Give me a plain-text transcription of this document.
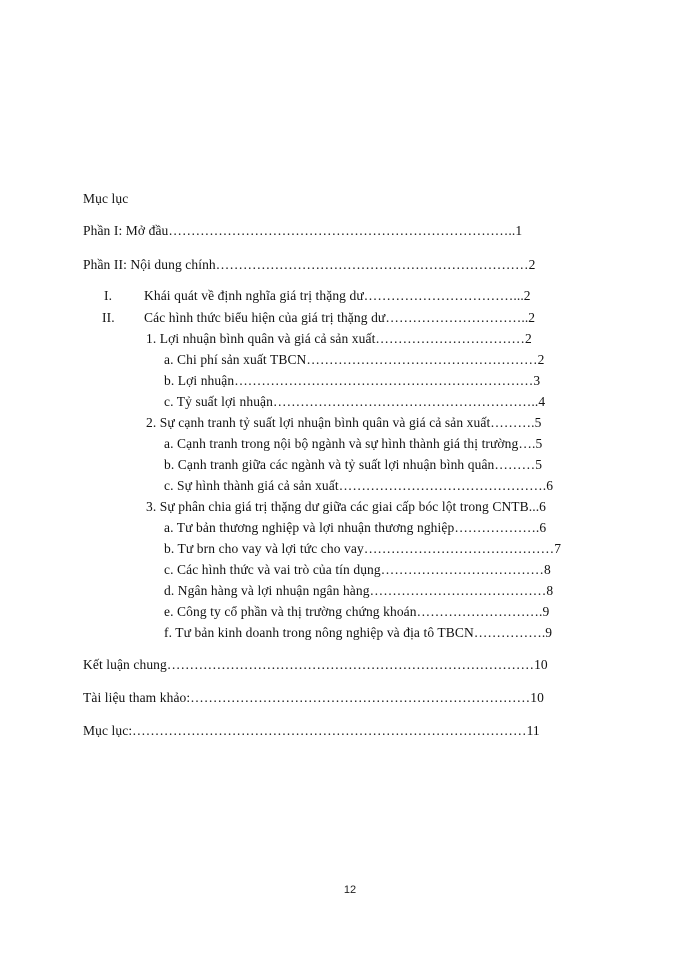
Mục lục
Phần I: Mở đầu…………………………………………………………………..1
Phần II: Nội dung chính……………………………………………………………2
I. Khái quát về định nghĩa giá trị thặng dư……………………………...2
II. Các hình thức biểu hiện của giá trị thặng dư…………………………..2
1. Lợi nhuận bình quân và giá cả sản xuất……………………………2
a. Chi phí sản xuất TBCN……………………………………………2
b. Lợi nhuận…………………………………………………………3
c. Tỷ suất lợi nhuận…………………………………………………..4
2. Sự cạnh tranh tỷ suất lợi nhuận bình quân và giá cả sản xuất……….5
a. Cạnh tranh trong nội bộ ngành và sự hình thành giá thị trường….5
b. Cạnh tranh giữa các ngành và tỷ suất lợi nhuận bình quân………5
c. Sự hình thành giá cả sản xuất……………………………………….6
3. Sự phân chia giá trị thặng dư giữa các giai cấp bóc lột trong CNTB...6
a. Tư bản thương nghiệp và lợi nhuận thương nghiệp……………….6
b. Tư brn cho vay và lợi tức cho vay……………………………………7
c. Các hình thức và vai trò của tín dụng………………………………8
d. Ngân hàng và lợi nhuận ngân hàng…………………………………8
e. Công ty cổ phần và thị trường chứng khoán……………………….9
f. Tư bản kinh doanh trong nông nghiệp và địa tô TBCN…………….9
Kết luận chung………………………………………………………………………10
Tài liệu tham khảo:…………………………………………………………………10
Mục lục:……………………………………………………………………………11
12
